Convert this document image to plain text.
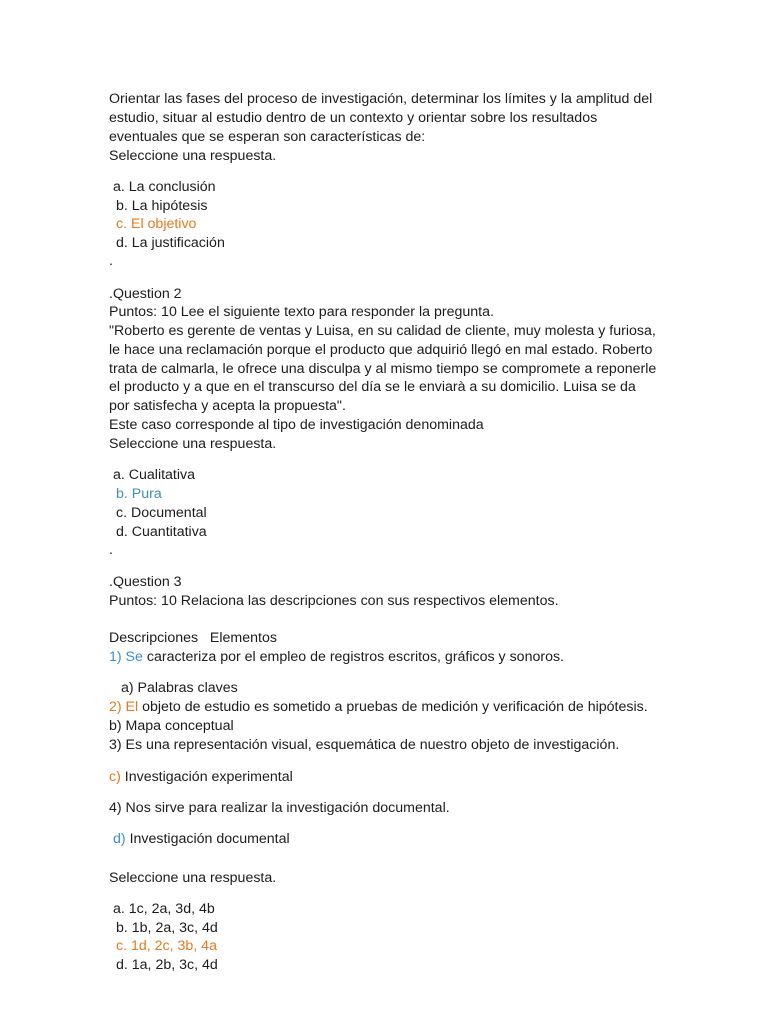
Orientar las fases del proceso de investigación, determinar los límites y la amplitud del
estudio, situar al estudio dentro de un contexto y orientar sobre los resultados
eventuales que se esperan son características de:
Seleccione una respuesta.
a. La conclusión
b. La hipótesis
c. El objetivo
d. La justificación
.
.Question 2
Puntos: 10 Lee el siguiente texto para responder la pregunta.
"Roberto es gerente de ventas y Luisa, en su calidad de cliente, muy molesta y furiosa,
le hace una reclamación porque el producto que adquirió llegó en mal estado. Roberto
trata de calmarla, le ofrece una disculpa y al mismo tiempo se compromete a reponerle
el producto y a que en el transcurso del día se le enviarà a su domicilio. Luisa se da
por satisfecha y acepta la propuesta".
Este caso corresponde al tipo de investigación denominada
Seleccione una respuesta.
a. Cualitativa
b. Pura
c. Documental
d. Cuantitativa
.
.Question 3
Puntos: 10 Relaciona las descripciones con sus respectivos elementos.
Descripciones   Elementos
1) Se caracteriza por el empleo de registros escritos, gráficos y sonoros.
a) Palabras claves
2) El objeto de estudio es sometido a pruebas de medición y verificación de hipótesis.
b) Mapa conceptual
3) Es una representación visual, esquemática de nuestro objeto de investigación.
c) Investigación experimental
4) Nos sirve para realizar la investigación documental.
d) Investigación documental
Seleccione una respuesta.
a. 1c, 2a, 3d, 4b
b. 1b, 2a, 3c, 4d
c. 1d, 2c, 3b, 4a
d. 1a, 2b, 3c, 4d
